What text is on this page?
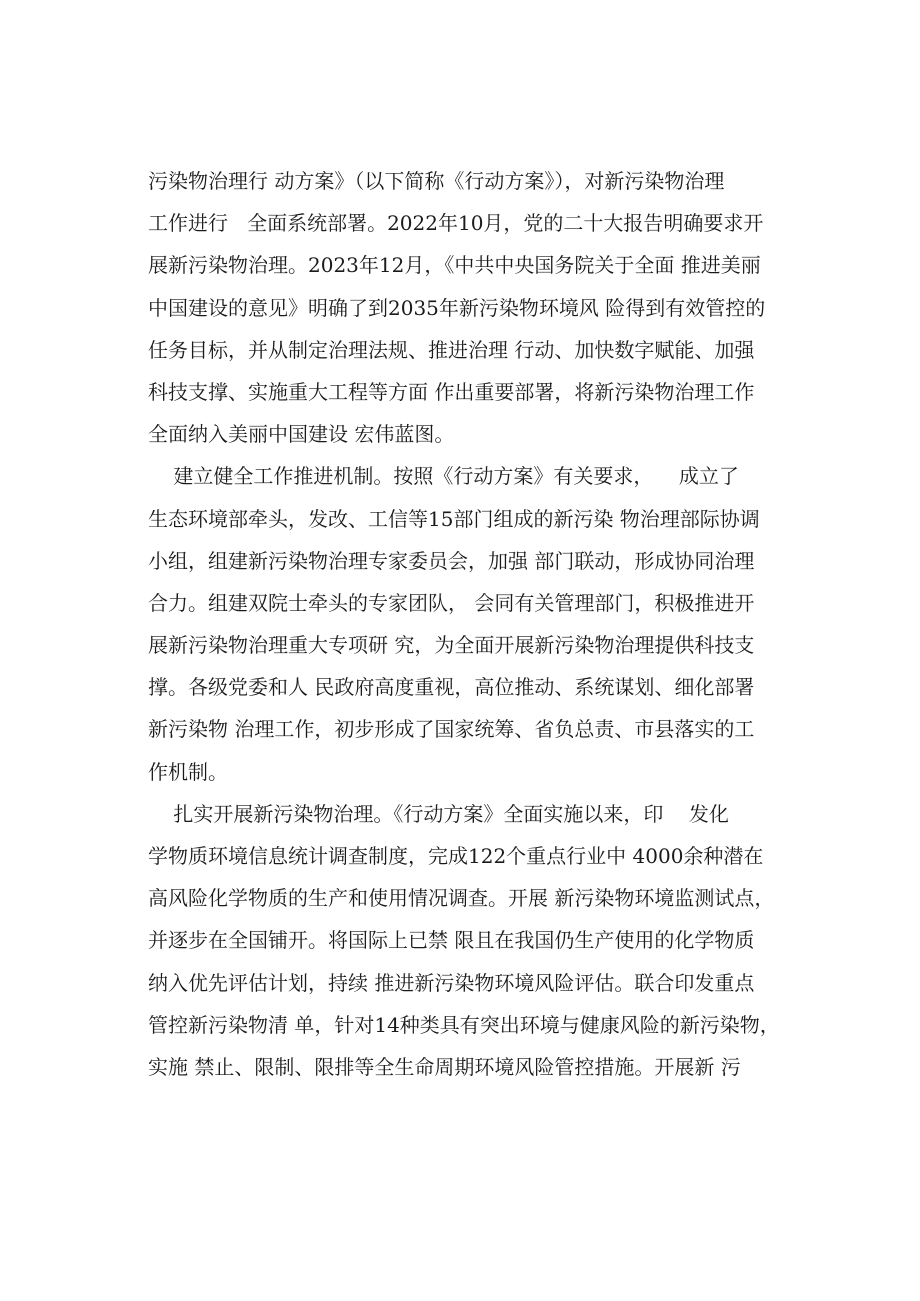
污染物治理行 动方案》（以下简称《行动方案》），对新污染物治理
工作进行   全面系统部署。2022年10月，党的二十大报告明确要求开
展新污染物治理。2023年12月，《中共中央国务院关于全面 推进美丽
中国建设的意见》明确了到2035年新污染物环境风 险得到有效管控的
任务目标，并从制定治理法规、推进治理 行动、加快数字赋能、加强
科技支撑、实施重大工程等方面 作出重要部署，将新污染物治理工作
全面纳入美丽中国建设 宏伟蓝图。
建立健全工作推进机制。按照《行动方案》有关要求，    成立了
生态环境部牵头，发改、工信等15部门组成的新污染 物治理部际协调
小组，组建新污染物治理专家委员会，加强 部门联动，形成协同治理
合力。组建双院士牵头的专家团队， 会同有关管理部门，积极推进开
展新污染物治理重大专项研 究，为全面开展新污染物治理提供科技支
撑。各级党委和人 民政府高度重视，高位推动、系统谋划、细化部署
新污染物 治理工作，初步形成了国家统筹、省负总责、市县落实的工
作机制。
扎实开展新污染物治理。《行动方案》全面实施以来，印    发化
学物质环境信息统计调查制度，完成122个重点行业中 4000余种潜在
高风险化学物质的生产和使用情况调查。开展 新污染物环境监测试点，
并逐步在全国铺开。将国际上已禁 限且在我国仍生产使用的化学物质
纳入优先评估计划，持续 推进新污染物环境风险评估。联合印发重点
管控新污染物清 单，针对14种类具有突出环境与健康风险的新污染物，
实施 禁止、限制、限排等全生命周期环境风险管控措施。开展新 污
